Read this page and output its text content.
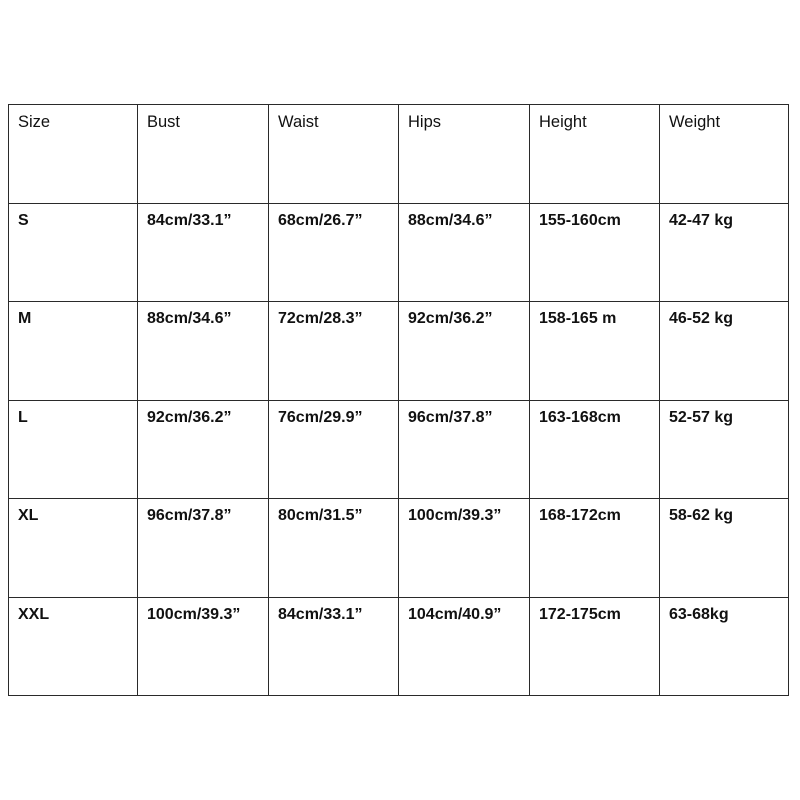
Size	Bust	Waist	Hips	Height	Weight
S	84cm/33.1”	68cm/26.7”	88cm/34.6”	155-160cm	42-47 kg
M	88cm/34.6”	72cm/28.3”	92cm/36.2”	158-165 m	46-52 kg
L	92cm/36.2”	76cm/29.9”	96cm/37.8”	163-168cm	52-57 kg
XL	96cm/37.8”	80cm/31.5”	100cm/39.3”	168-172cm	58-62 kg
XXL	100cm/39.3”	84cm/33.1”	104cm/40.9”	172-175cm	63-68kg
